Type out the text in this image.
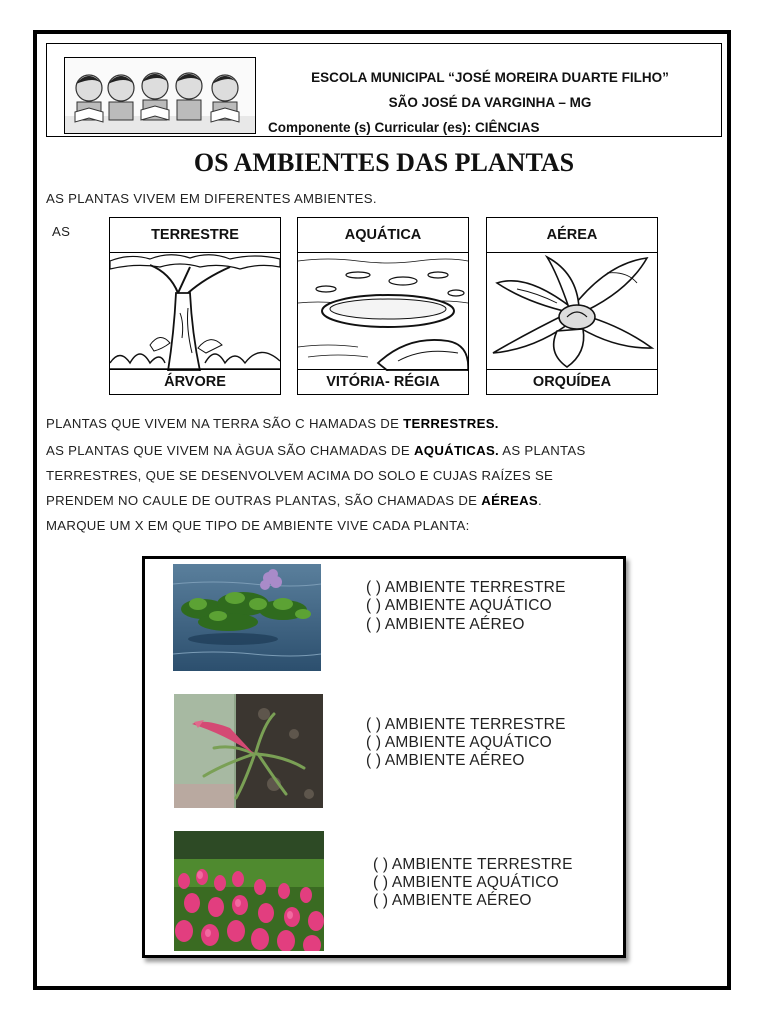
ESCOLA MUNICIPAL “JOSÉ MOREIRA DUARTE FILHO”
SÃO JOSÉ DA VARGINHA – MG
Componente (s) Curricular (es): CIÊNCIAS
OS AMBIENTES DAS PLANTAS
AS PLANTAS VIVEM EM DIFERENTES AMBIENTES.
AS	TERRESTRE
ÁRVORE
AQUÁTICA
VITÓRIA- RÉGIA
AÉREA
ORQUÍDEA
PLANTAS QUE VIVEM NA TERRA SÃO C HAMADAS DE TERRESTRES.
AS PLANTAS QUE VIVEM NA ÀGUA SÃO CHAMADAS DE AQUÁTICAS. AS PLANTAS
TERRESTRES, QUE SE DESENVOLVEM ACIMA DO SOLO E CUJAS RAÍZES SE
PRENDEM NO CAULE DE OUTRAS PLANTAS, SÃO CHAMADAS DE AÉREAS.
MARQUE UM X EM QUE TIPO DE AMBIENTE VIVE CADA PLANTA:
( ) AMBIENTE TERRESTRE
( ) AMBIENTE AQUÁTICO
( ) AMBIENTE AÉREO
( ) AMBIENTE TERRESTRE
( ) AMBIENTE AQUÁTICO
( ) AMBIENTE AÉREO
( ) AMBIENTE TERRESTRE
( ) AMBIENTE AQUÁTICO
( ) AMBIENTE AÉREO
